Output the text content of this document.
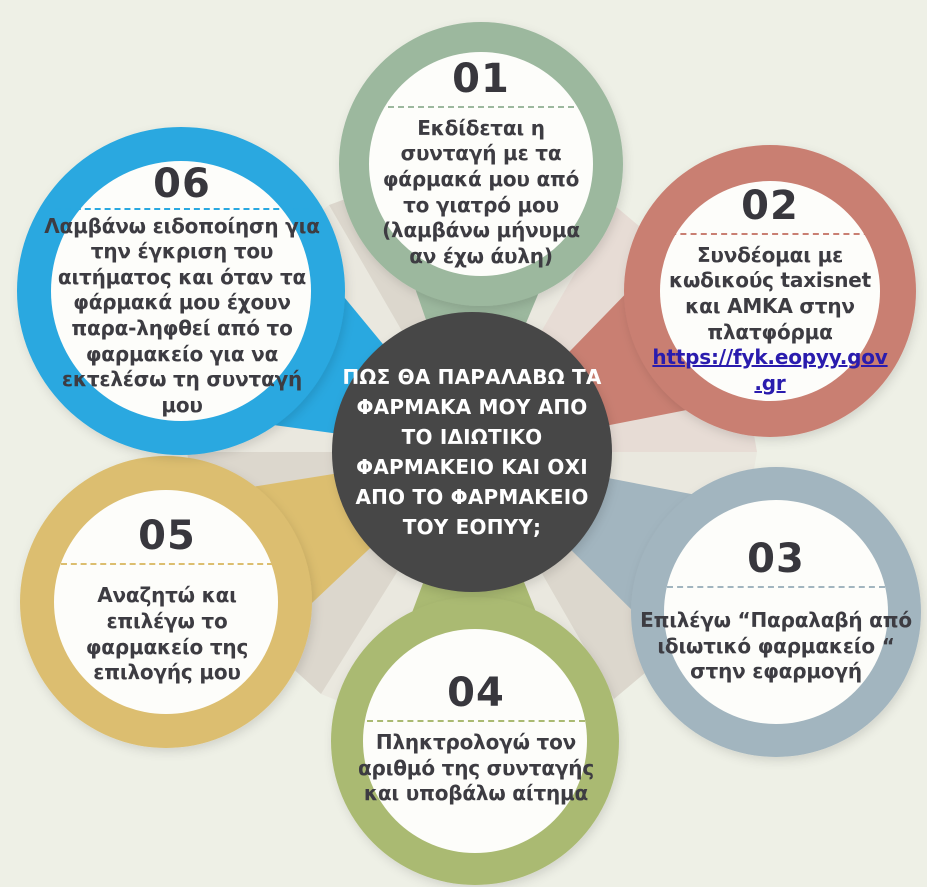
01
Εκδίδεται η συνταγή με τα φάρμακά μου από το γιατρό μου (λαμβάνω μήνυμα αν έχω άυλη)
02
Συνδέομαι με κωδικούς taxisnet και ΑΜΚΑ στην πλατφόρμα https://fyk.eopyy.gov.gr
03
Επιλέγω “Παραλαβή από ιδιωτικό φαρμακείο “ στην εφαρμογή
04
Πληκτρολογώ τον αριθμό της συνταγής και υποβάλω αίτημα
05
Αναζητώ και επιλέγω το φαρμακείο της επιλογής μου
06
Λαμβάνω ειδοποίηση για την έγκριση του αιτήματος και όταν τα φάρμακά μου έχουν παρα-ληφθεί από το φαρμακείο για να εκτελέσω τη συνταγή μου
ΠΩΣ ΘΑ ΠΑΡΑΛΑΒΩ ΤΑ ΦΑΡΜΑΚΑ ΜΟΥ ΑΠΟ ΤΟ ΙΔΙΩΤΙΚΟ ΦΑΡΜΑΚΕΙΟ ΚΑΙ ΟΧΙ ΑΠΟ ΤΟ ΦΑΡΜΑΚΕΙΟ ΤΟΥ ΕΟΠΥΥ;
